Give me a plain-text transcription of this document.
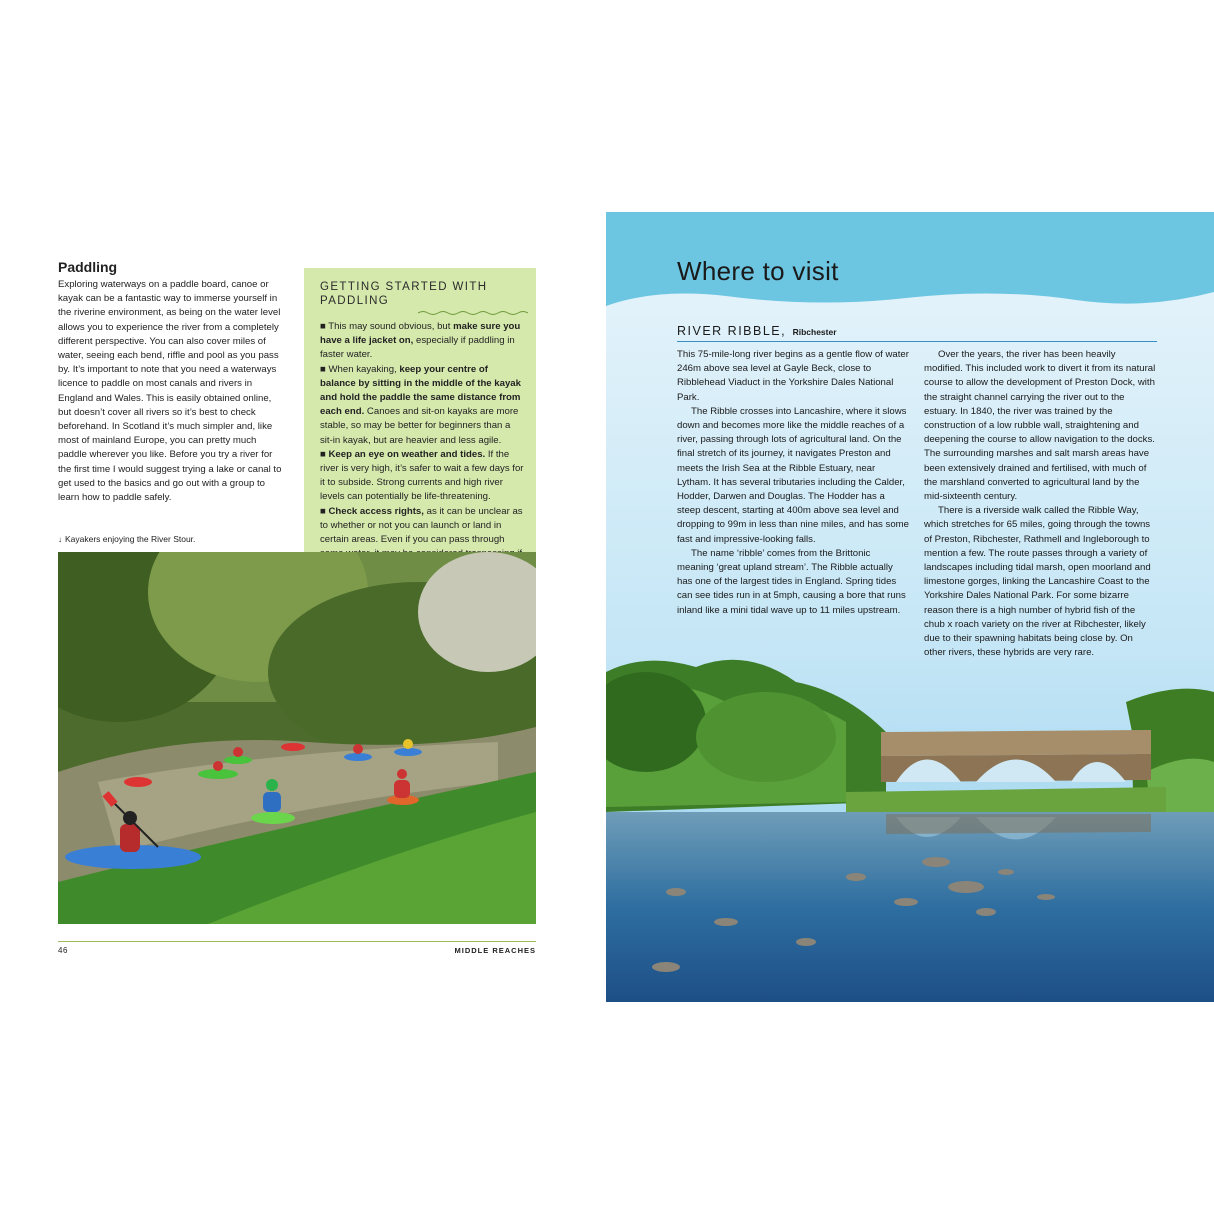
Paddling

Exploring waterways on a paddle board, canoe or kayak can be a fantastic way to immerse yourself in the riverine environment, as being on the water level allows you to experience the river from a completely different perspective. You can also cover miles of water, seeing each bend, riffle and pool as you pass by. It’s important to note that you need a waterways licence to paddle on most canals and rivers in England and Wales. This is easily obtained online, but doesn’t cover all rivers so it’s best to check beforehand. In Scotland it’s much simpler and, like most of mainland Europe, you can pretty much paddle wherever you like. Before you try a river for the first time I would suggest trying a lake or canal to get used to the basics and go out with a group to learn how to paddle safely.

GETTING STARTED WITH PADDLING
■ This may sound obvious, but make sure you have a life jacket on, especially if paddling in faster water.
■ When kayaking, keep your centre of balance by sitting in the middle of the kayak and hold the paddle the same distance from each end. Canoes and sit-on kayaks are more stable, so may be better for beginners than a sit-in kayak, but are heavier and less agile.
■ Keep an eye on weather and tides. If the river is very high, it’s safer to wait a few days for it to subside. Strong currents and high river levels can potentially be life-threatening.
■ Check access rights, as it can be unclear as to whether or not you can launch or land in certain areas. Even if you can pass through

↓ Kayakers enjoying the River Stour.

46	MIDDLE REACHES

Where to visit

RIVER RIBBLE, Ribchester

This 75-mile-long river begins as a gentle flow of water 246m above sea level at Gayle Beck, close to Ribblehead Viaduct in the Yorkshire Dales National Park.

The Ribble crosses into Lancashire, where it slows down and becomes more like the middle reaches of a river, passing through lots of agricultural land. On the final stretch of its journey, it navigates Preston and meets the Irish Sea at the Ribble Estuary, near Lytham. It has several tributaries including the Calder, Hodder, Darwen and Douglas. The Hodder has a steep descent, starting at 400m above sea level and dropping to 99m in less than nine miles, and has some fast and impressive-looking falls.

The name ‘ribble’ comes from the Brittonic meaning ‘great upland stream’. The Ribble actually has one of the largest tides in England. Spring tides can see tides run in at 5mph, causing a bore that runs inland like a mini tidal wave up to 11 miles upstream.

Over the years, the river has been heavily modified. This included work to divert it from its natural course to allow the development of Preston Dock, with the straight channel carrying the river out to the estuary. In 1840, the river was trained by the construction of a low rubble wall, straightening and deepening the course to allow navigation to the docks. The surrounding marshes and salt marsh areas have been extensively drained and fertilised, with much of the marshland converted to agricultural land by the mid-sixteenth century.

There is a riverside walk called the Ribble Way, which stretches for 65 miles, going through the towns of Preston, Ribchester, Rathmell and Ingleborough to mention a few. The route passes through a variety of landscapes including tidal marsh, open moorland and limestone gorges, linking the Lancashire Coast to the Yorkshire Dales National Park. For some bizarre reason there is a high number of hybrid fish of the chub x roach variety on the river at Ribchester, likely due to their spawning habitats being close by. On other rivers, these hybrids are very rare.
